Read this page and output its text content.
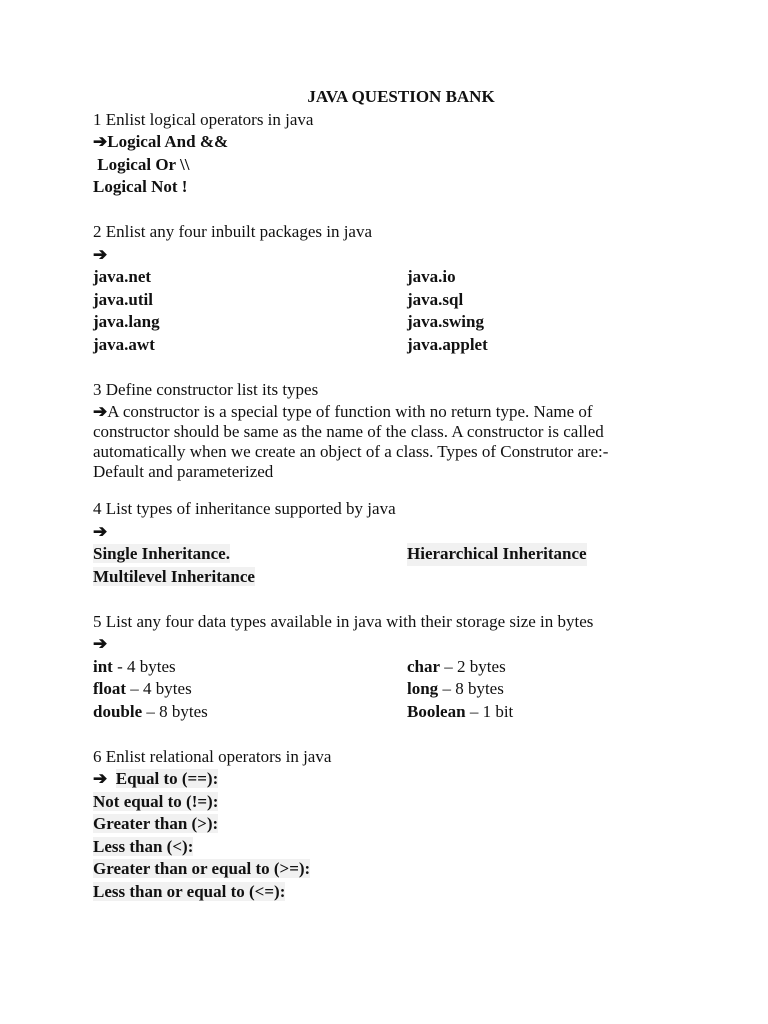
JAVA QUESTION BANK
1 Enlist logical operators in java
➔Logical And &&
Logical Or \\
Logical Not !
2 Enlist any four inbuilt packages in java
➔
java.net	java.io
java.util	java.sql
java.lang	java.swing
java.awt	java.applet
3 Define constructor list its types
➔A constructor is a special type of function with no return type. Name of
constructor should be same as the name of the class. A constructor is called
automatically when we create an object of a class. Types of Construtor are:-
Default and parameterized
4 List types of inheritance supported by java
➔
Single Inheritance.	Hierarchical Inheritance
Multilevel Inheritance
5 List any four data types available in java with their storage size in bytes
➔
int - 4 bytes	char – 2 bytes
float – 4 bytes	long – 8 bytes
double – 8 bytes	Boolean – 1 bit
6 Enlist relational operators in java
➔ Equal to (==):
Not equal to (!=):
Greater than (>):
Less than (<):
Greater than or equal to (>=):
Less than or equal to (<=):
